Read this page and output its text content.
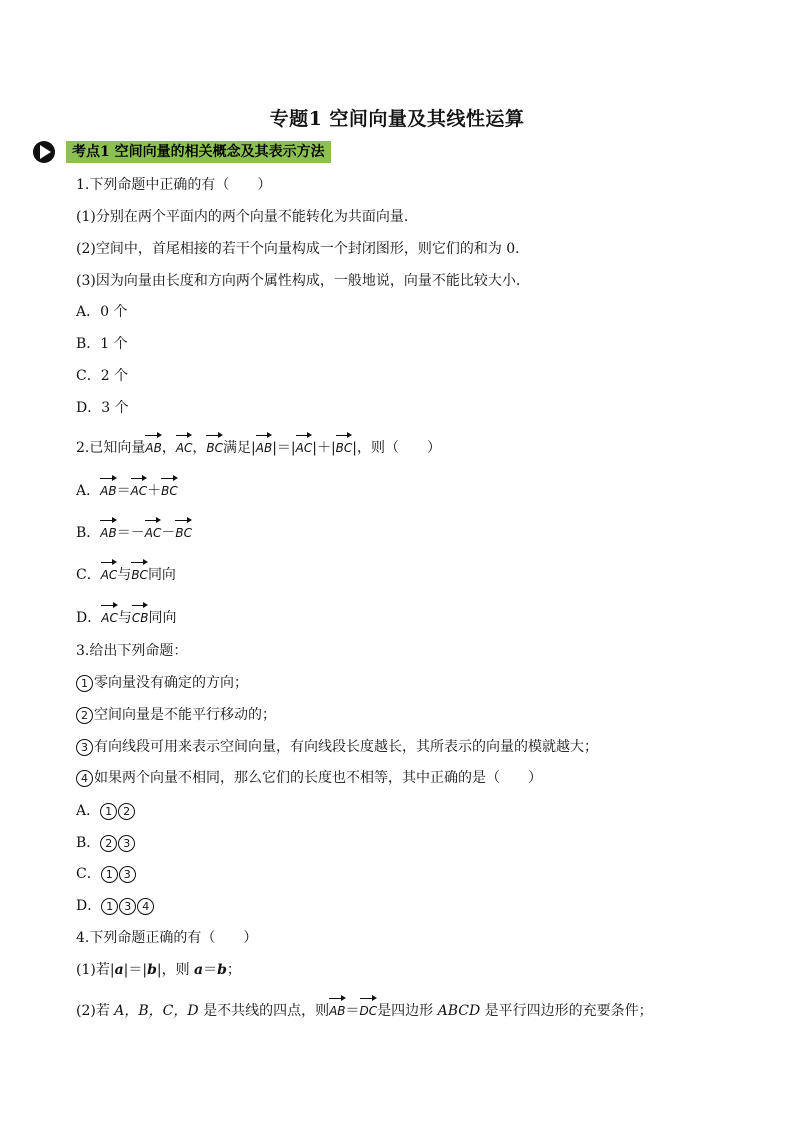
专题1 空间向量及其线性运算
考点1 空间向量的相关概念及其表示方法
1.下列命题中正确的有（　　）
(1)分别在两个平面内的两个向量不能转化为共面向量．
(2)空间中，首尾相接的若干个向量构成一个封闭图形，则它们的和为 0．
(3)因为向量由长度和方向两个属性构成，一般地说，向量不能比较大小．
A．0 个
B．1 个
C．2 个
D．3 个
2.已知向量AB，AC，BC满足|AB|＝|AC|＋|BC|，则（　　）
A．AB＝AC＋BC
B．AB＝－AC－BC
C．AC与BC同向
D．AC与CB同向
3.给出下列命题：
1 零向量没有确定的方向；
2 空间向量是不能平行移动的；
3 有向线段可用来表示空间向量，有向线段长度越长，其所表示的向量的模就越大；
4 如果两个向量不相同，那么它们的长度也不相等，其中正确的是（　　）
A． 1 2
B． 2 3
C． 1 3
D． 1 3 4
4.下列命题正确的有（　　）
(1)若|a|＝|b|，则 a＝b；
(2)若 A，B，C，D 是不共线的四点，则AB＝DC是四边形 ABCD 是平行四边形的充要条件；
